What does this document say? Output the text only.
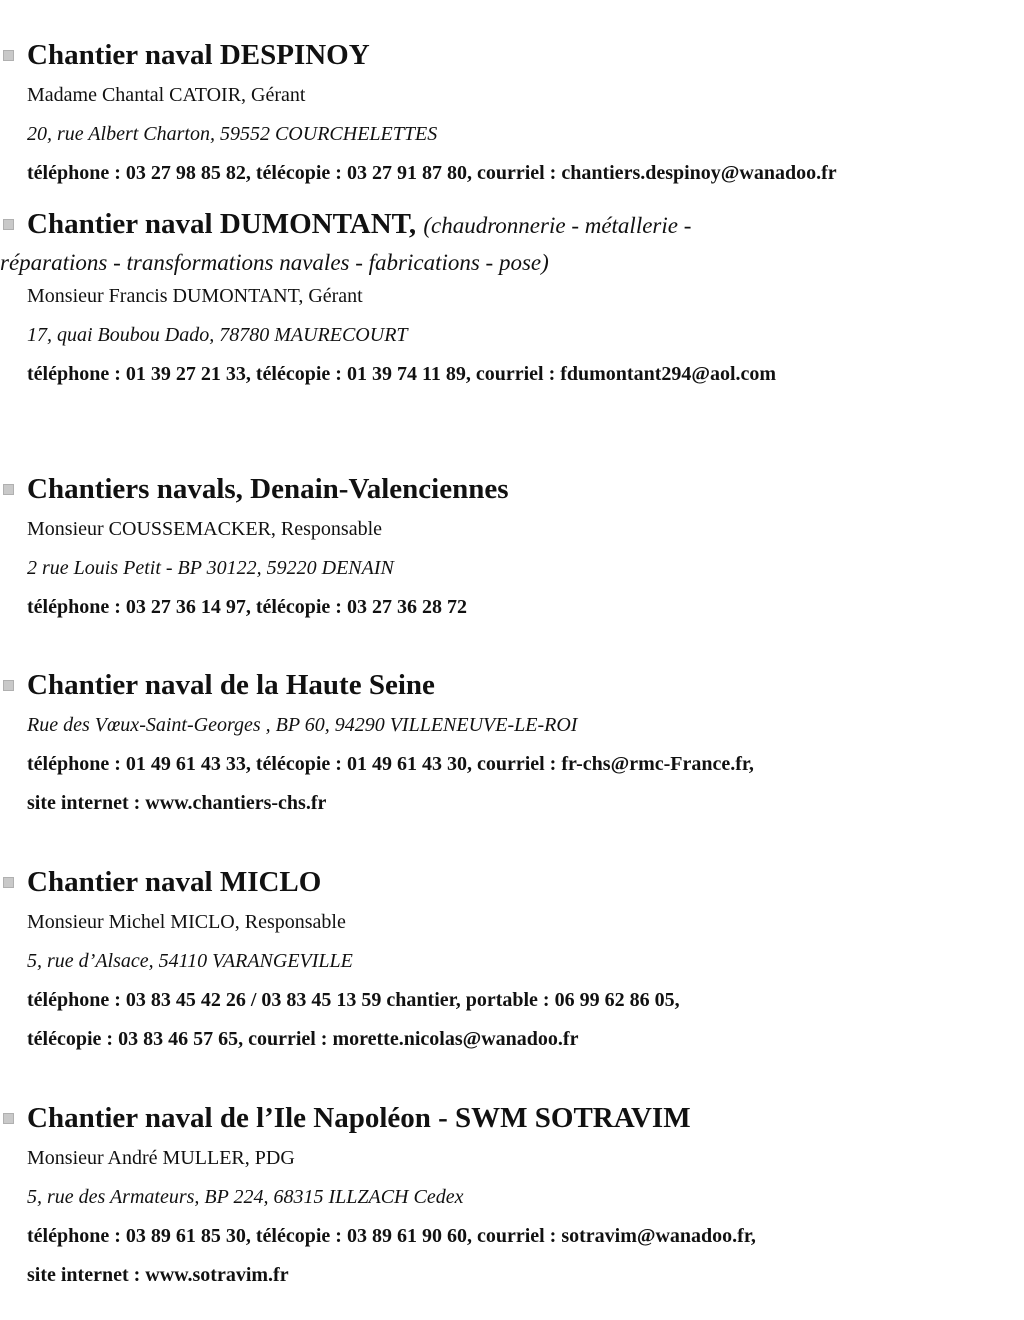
Chantier naval DESPINOY
Madame Chantal CATOIR, Gérant
20, rue Albert Charton, 59552 COURCHELETTES
téléphone : 03 27 98 85 82, télécopie : 03 27 91 87 80, courriel : chantiers.despinoy@wanadoo.fr
Chantier naval DUMONTANT, (chaudronnerie - métallerie -
réparations - transformations navales - fabrications - pose)
Monsieur Francis DUMONTANT, Gérant
17, quai Boubou Dado, 78780 MAURECOURT
téléphone : 01 39 27 21 33, télécopie : 01 39 74 11 89, courriel : fdumontant294@aol.com
Chantiers navals, Denain-Valenciennes
Monsieur COUSSEMACKER, Responsable
2 rue Louis Petit - BP 30122, 59220 DENAIN
téléphone : 03 27 36 14 97, télécopie : 03 27 36 28 72
Chantier naval de la Haute Seine
Rue des Vœux-Saint-Georges , BP 60, 94290 VILLENEUVE-LE-ROI
téléphone : 01 49 61 43 33, télécopie : 01 49 61 43 30, courriel : fr-chs@rmc-France.fr,
site internet : www.chantiers-chs.fr
Chantier naval MICLO
Monsieur Michel MICLO, Responsable
5, rue d’Alsace, 54110 VARANGEVILLE
téléphone : 03 83 45 42 26 / 03 83 45 13 59 chantier, portable : 06 99 62 86 05,
télécopie : 03 83 46 57 65, courriel : morette.nicolas@wanadoo.fr
Chantier naval de l’Ile Napoléon - SWM SOTRAVIM
Monsieur André MULLER, PDG
5, rue des Armateurs, BP 224, 68315 ILLZACH Cedex
téléphone : 03 89 61 85 30, télécopie : 03 89 61 90 60, courriel : sotravim@wanadoo.fr,
site internet : www.sotravim.fr
